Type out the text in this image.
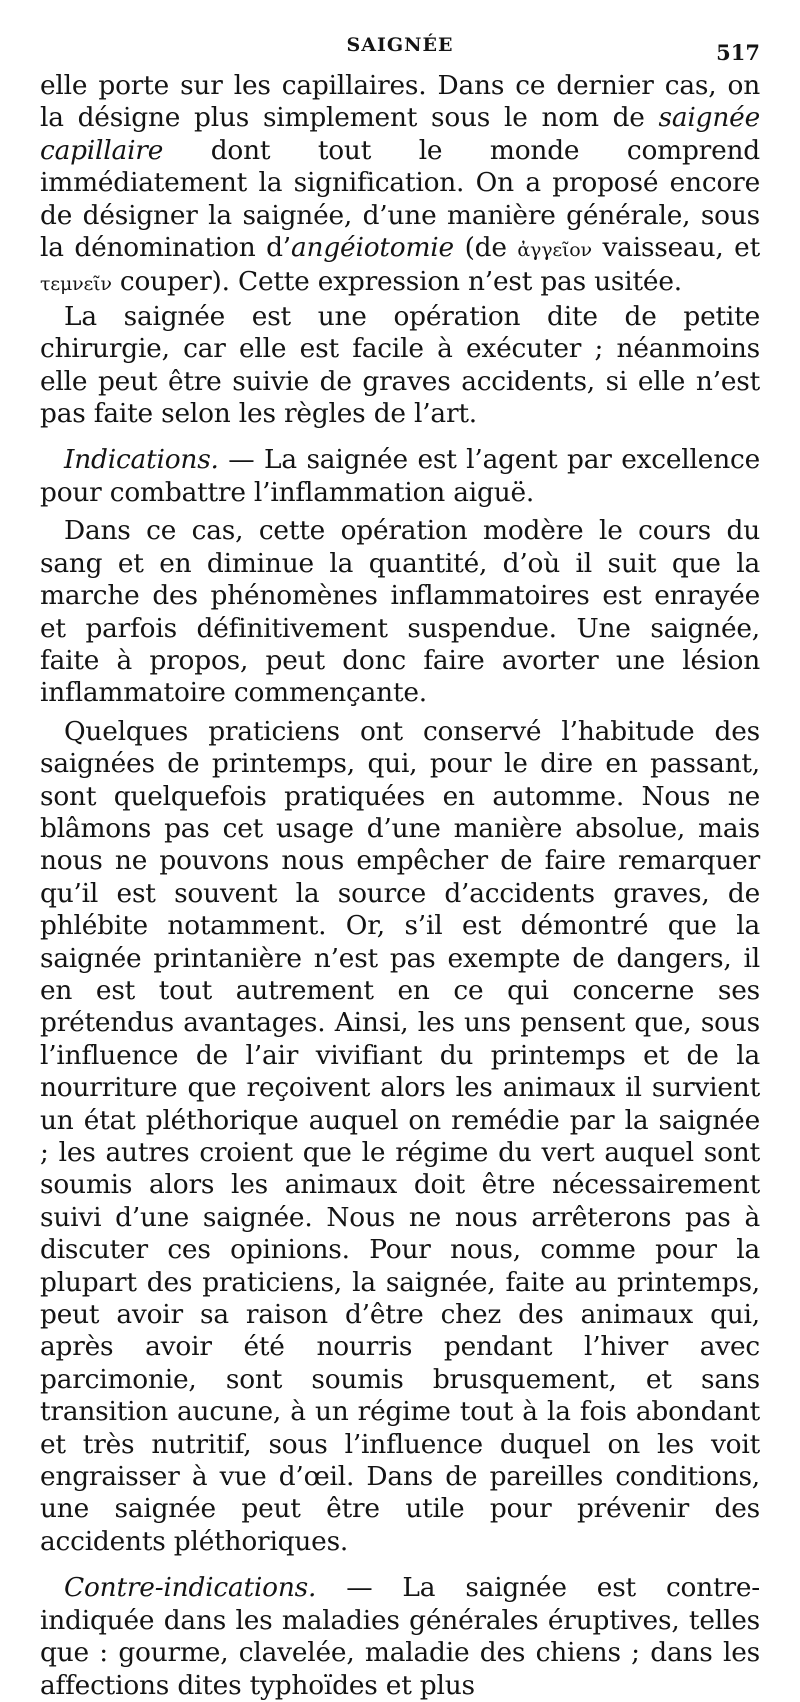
SAIGNÉE	517

elle porte sur les capillaires. Dans ce dernier cas, on la désigne plus simplement sous le nom de saignée capillaire dont tout le monde comprend immédiatement la signification. On a proposé encore de désigner la saignée, d’une manière générale, sous la dénomination d’angéiotomie (de ἀγγεῖον vaisseau, et τεμνεῖν couper). Cette expression n’est pas usitée.

La saignée est une opération dite de petite chirurgie, car elle est facile à exécuter ; néanmoins elle peut être suivie de graves accidents, si elle n’est pas faite selon les règles de l’art.

Indications. — La saignée est l’agent par excellence pour combattre l’inflammation aiguë.

Dans ce cas, cette opération modère le cours du sang et en diminue la quantité, d’où il suit que la marche des phénomènes inflammatoires est enrayée et parfois définitivement suspendue. Une saignée, faite à propos, peut donc faire avorter une lésion inflammatoire commençante.

Quelques praticiens ont conservé l’habitude des saignées de printemps, qui, pour le dire en passant, sont quelquefois pratiquées en automme. Nous ne blâmons pas cet usage d’une manière absolue, mais nous ne pouvons nous empêcher de faire remarquer qu’il est souvent la source d’accidents graves, de phlébite notamment. Or, s’il est démontré que la saignée printanière n’est pas exempte de dangers, il en est tout autrement en ce qui concerne ses prétendus avantages. Ainsi, les uns pensent que, sous l’influence de l’air vivifiant du printemps et de la nourriture que reçoivent alors les animaux il survient un état pléthorique auquel on remédie par la saignée ; les autres croient que le régime du vert auquel sont soumis alors les animaux doit être nécessairement suivi d’une saignée. Nous ne nous arrêterons pas à discuter ces opinions. Pour nous, comme pour la plupart des praticiens, la saignée, faite au printemps, peut avoir sa raison d’être chez des animaux qui, après avoir été nourris pendant l’hiver avec parcimonie, sont soumis brusquement, et sans transition aucune, à un régime tout à la fois abondant et très nutritif, sous l’influence duquel on les voit engraisser à vue d’œil. Dans de pareilles conditions, une saignée peut être utile pour prévenir des accidents pléthoriques.

Contre-indications. — La saignée est contre-indiquée dans les maladies générales éruptives, telles que : gourme, clavelée, maladie des chiens ; dans les affections dites typhoïdes et plus
